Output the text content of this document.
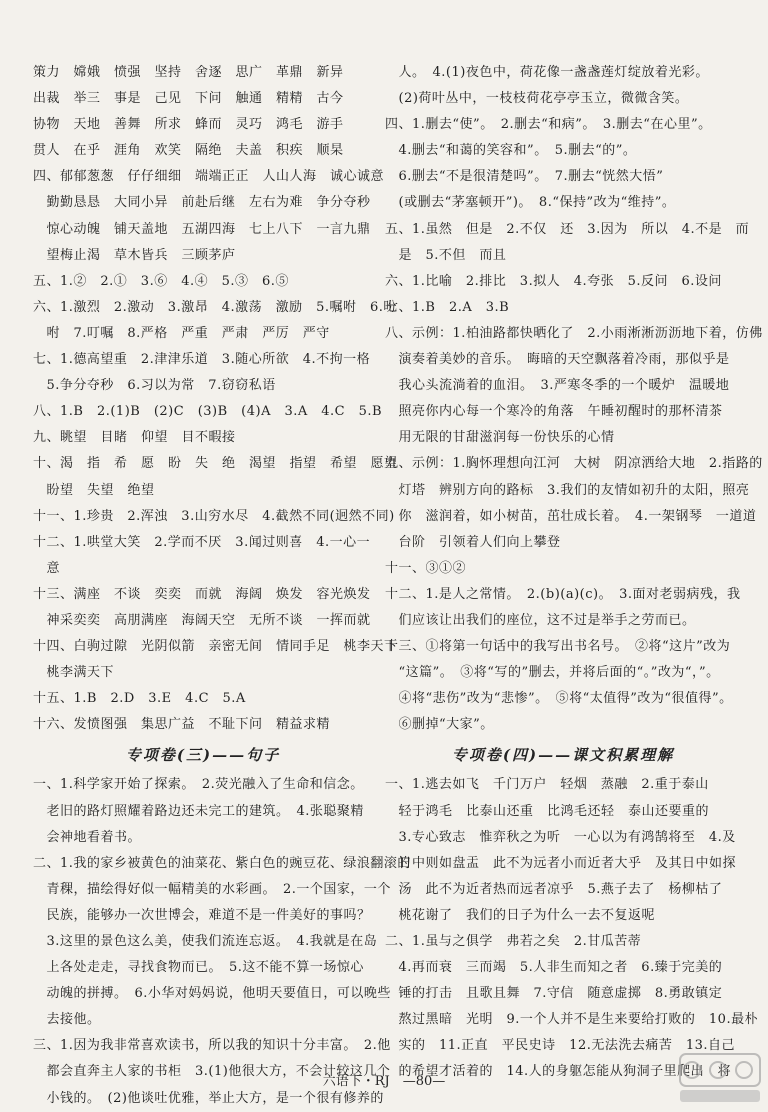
策力　嫦娥　愤强　坚持　舍逐　思广　革鼎　新异
出裁　举三　事是　己见　下问　触通　精精　古今
协物　天地　善舞　所求　蜂而　灵巧　鸿毛　游手
贯人　在乎　涯角　欢笑　隔绝　夫盖　积疾　顺杲
四、郁郁葱葱　仔仔细细　端端正正　人山人海　诚心诚意
　勤勤恳恳　大同小异　前赴后继　左右为难　争分夺秒
　惊心动魄　铺天盖地　五湖四海　七上八下　一言九鼎
　望梅止渴　草木皆兵　三顾茅庐
五、1.②　2.①　3.⑥　4.④　5.③　6.⑤
六、1.激烈　2.激动　3.激昂　4.激荡　激励　5.嘱咐　6.吩
　咐　7.叮嘱　8.严格　严重　严肃　严厉　严守
七、1.德高望重　2.津津乐道　3.随心所欲　4.不拘一格
　5.争分夺秒　6.习以为常　7.窃窃私语
八、1.B　2.(1)B　(2)C　(3)B　(4)A　3.A　4.C　5.B
九、眺望　目睹　仰望　目不暇接
十、渴　指　希　愿　盼　失　绝　渴望　指望　希望　愿望
　盼望　失望　绝望
十一、1.珍贵　2.浑浊　3.山穷水尽　4.截然不同(迥然不同)
十二、1.哄堂大笑　2.学而不厌　3.闻过则喜　4.一心一
　意
十三、满座　不谈　奕奕　而就　海阔　焕发　容光焕发
　神采奕奕　高朋满座　海阔天空　无所不谈　一挥而就
十四、白驹过隙　光阴似箭　亲密无间　情同手足　桃李天下
　桃李满天下
十五、1.B　2.D　3.E　4.C　5.A
十六、发愤图强　集思广益　不耻下问　精益求精
专项卷(三)——句子
一、1.科学家开始了探索。　2.荧光融入了生命和信念。
　老旧的路灯照耀着路边还未完工的建筑。　4.张聪聚精
　会神地看着书。
二、1.我的家乡被黄色的油菜花、紫白色的豌豆花、绿浪翻滚的
　青稞，描绘得好似一幅精美的水彩画。　2.一个国家，一个
　民族，能够办一次世博会，难道不是一件美好的事吗？
　3.这里的景色这么美，使我们流连忘返。　4.我就是在岛
　上各处走走，寻找食物而已。　5.这不能不算一场惊心
　动魄的拼搏。　6.小华对妈妈说，他明天要值日，可以晚些
　去接他。
三、1.因为我非常喜欢读书，所以我的知识十分丰富。　2.他
　都会直奔主人家的书柜　3.(1)他很大方，不会计较这几个
　小钱的。　(2)他谈吐优雅，举止大方，是一个很有修养的
　人。　4.(1)夜色中，荷花像一盏盏莲灯绽放着光彩。
　(2)荷叶丛中，一枝枝荷花亭亭玉立，微微含笑。
四、1.删去“使”。　2.删去“和病”。　3.删去“在心里”。
　4.删去“和蔼的笑容和”。　5.删去“的”。
　6.删去“不是很清楚吗”。　7.删去“恍然大悟”
　(或删去“茅塞顿开”)。　8.“保持”改为“维持”。
五、1.虽然　但是　2.不仅　还　3.因为　所以　4.不是　而
　是　5.不但　而且
六、1.比喻　2.排比　3.拟人　4.夸张　5.反问　6.设问
七、1.B　2.A　3.B
八、示例：1.柏油路都快晒化了　2.小雨淅淅沥沥地下着，仿佛
　演奏着美妙的音乐。　晦暗的天空飘落着冷雨，那似乎是
　我心头流淌着的血泪。　3.严寒冬季的一个暖炉　温暖地
　照亮你内心每一个寒冷的角落　午睡初醒时的那杯清茶
　用无限的甘甜滋润每一份快乐的心情
九、示例：1.胸怀理想向江河　大树　阴凉洒给大地　2.指路的
　灯塔　辨别方向的路标　3.我们的友情如初升的太阳，照亮
　你　滋润着，如小树苗，茁壮成长着。　4.一架钢琴　一道道
　台阶　引领着人们向上攀登
十一、③①②
十二、1.是人之常情。　2.(b)(a)(c)。　3.面对老弱病残，我
　们应该让出我们的座位，这不过是举手之劳而已。
十三、①将第一句话中的我写出书名号。　②将“这片”改为
　“这篇”。　③将“写的”删去，并将后面的“。”改为“，”。
　④将“悲伤”改为“悲惨”。　⑤将“太值得”改为“很值得”。
　⑥删掉“大家”。
专项卷(四)——课文积累理解
一、1.逃去如飞　千门万户　轻烟　蒸融　2.重于泰山
　轻于鸿毛　比泰山还重　比鸿毛还轻　泰山还要重的
　3.专心致志　惟弈秋之为听　一心以为有鸿鹄将至　4.及
　日中则如盘盂　此不为远者小而近者大乎　及其日中如探
　汤　此不为近者热而远者凉乎　5.燕子去了　杨柳枯了
　桃花谢了　我们的日子为什么一去不复返呢
二、1.虽与之俱学　弗若之矣　2.甘瓜苦蒂
　4.再而衰　三而竭　5.人非生而知之者　6.臻于完美的
　锤的打击　且歌且舞　7.守信　随意虚掷　8.勇敢镇定
　熬过黑暗　光明　9.一个人并不是生来要给打败的　10.最朴
　实的　11.正直　平民史诗　12.无法洗去痛苦　13.自己
　的希望才活着的　14.人的身躯怎能从狗洞子里爬出　将
六语下・RJ　—80—
